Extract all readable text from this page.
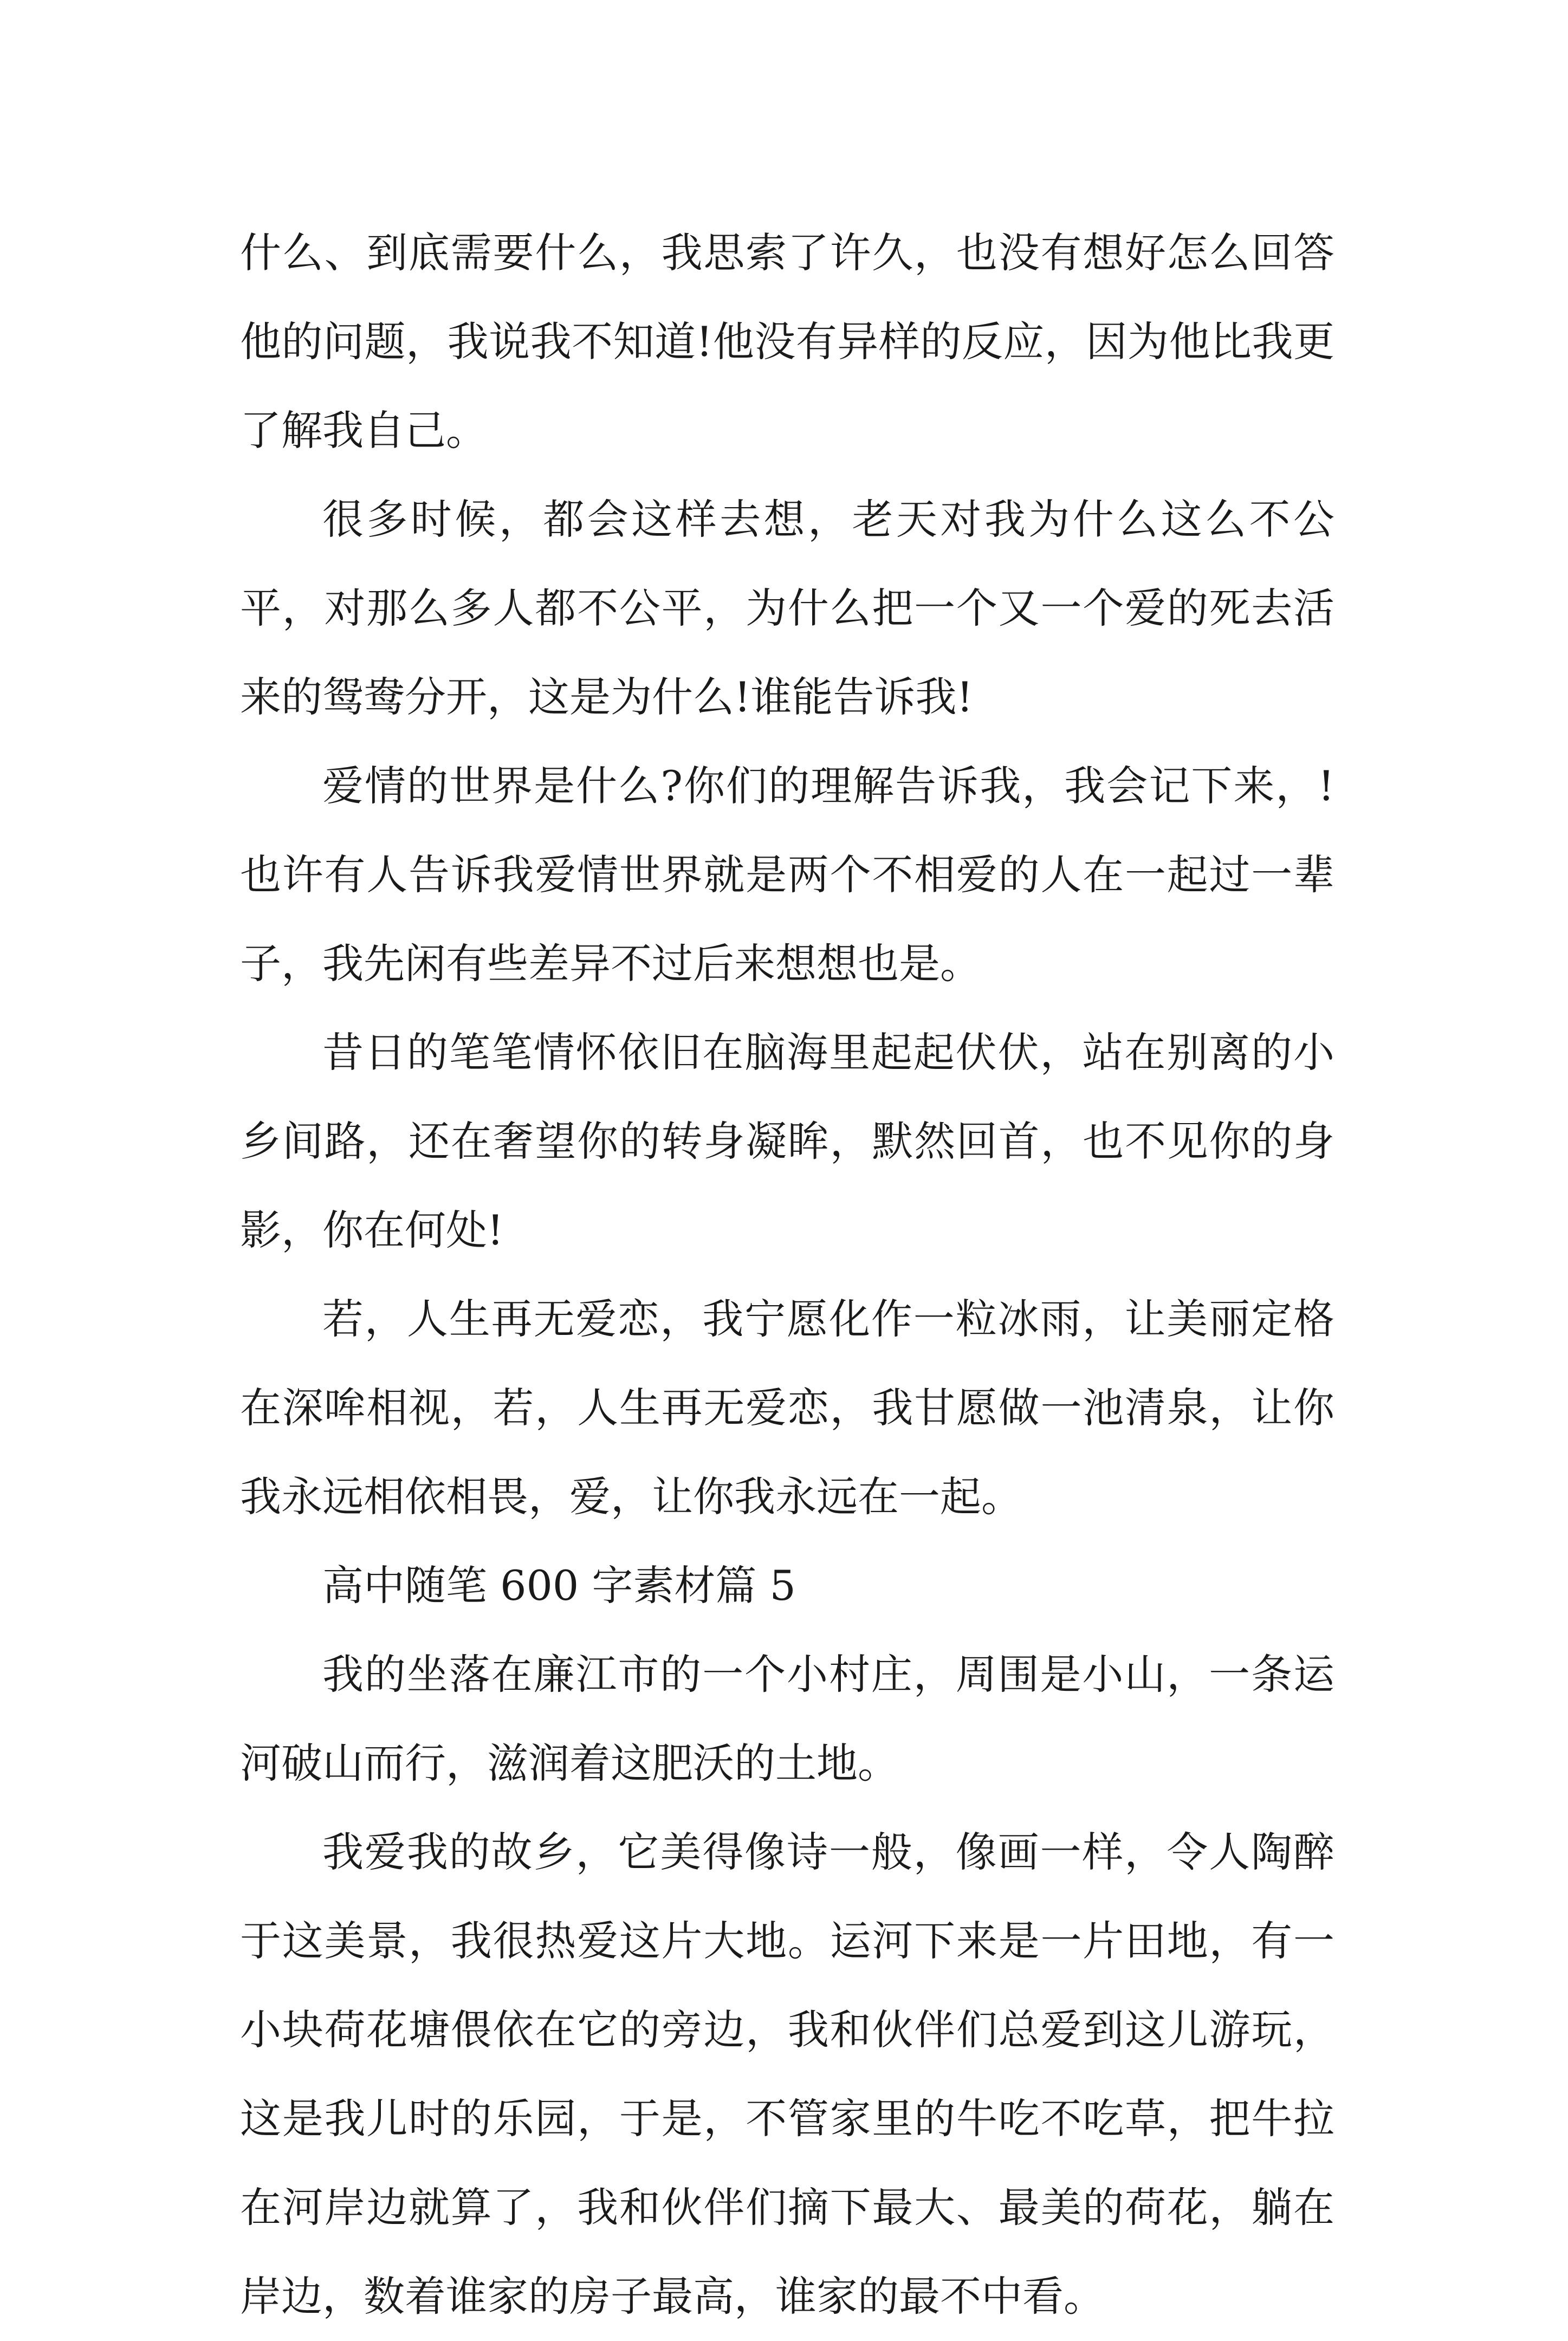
什么、到底需要什么，我思索了许久，也没有想好怎么回答他的问题，我说我不知道!他没有异样的反应，因为他比我更了解我自己。

很多时候，都会这样去想，老天对我为什么这么不公平，对那么多人都不公平，为什么把一个又一个爱的死去活来的鸳鸯分开，这是为什么!谁能告诉我!

爱情的世界是什么?你们的理解告诉我，我会记下来，!也许有人告诉我爱情世界就是两个不相爱的人在一起过一辈子，我先闲有些差异不过后来想想也是。

昔日的笔笔情怀依旧在脑海里起起伏伏，站在别离的小乡间路，还在奢望你的转身凝眸，默然回首，也不见你的身影，你在何处!

若，人生再无爱恋，我宁愿化作一粒冰雨，让美丽定格在深哞相视，若，人生再无爱恋，我甘愿做一池清泉，让你我永远相依相畏，爱，让你我永远在一起。

高中随笔 600 字素材篇 5

我的坐落在廉江市的一个小村庄，周围是小山，一条运河破山而行，滋润着这肥沃的土地。

我爱我的故乡，它美得像诗一般，像画一样，令人陶醉于这美景，我很热爱这片大地。运河下来是一片田地，有一小块荷花塘偎依在它的旁边，我和伙伴们总爱到这儿游玩，这是我儿时的乐园，于是，不管家里的牛吃不吃草，把牛拉在河岸边就算了，我和伙伴们摘下最大、最美的荷花，躺在岸边，数着谁家的房子最高，谁家的最不中看。
